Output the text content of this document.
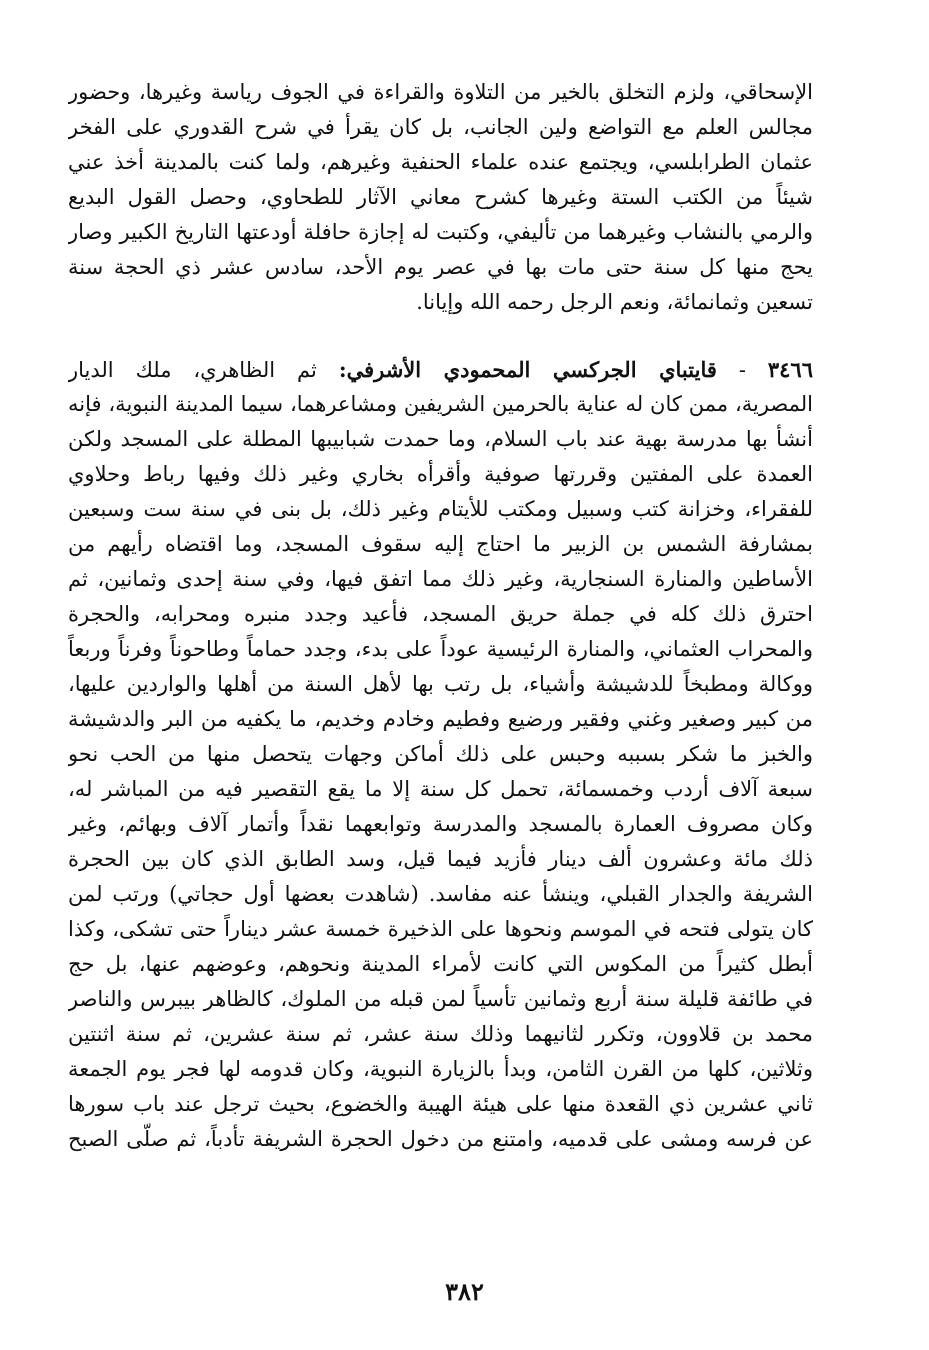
الإسحاقي، ولزم التخلق بالخير من التلاوة والقراءة في الجوف رياسة وغيرها، وحضور
مجالس العلم مع التواضع ولين الجانب، بل كان يقرأ في شرح القدوري على الفخر
عثمان الطرابلسي، ويجتمع عنده علماء الحنفية وغيرهم، ولما كنت بالمدينة أخذ عني
شيئاً من الكتب الستة وغيرها كشرح معاني الآثار للطحاوي، وحصل القول البديع
والرمي بالنشاب وغيرهما من تأليفي، وكتبت له إجازة حافلة أودعتها التاريخ الكبير وصار
يحج منها كل سنة حتى مات بها في عصر يوم الأحد، سادس عشر ذي الحجة سنة
تسعين وثمانمائة، ونعم الرجل رحمه الله وإيانا.
٣٤٦٦ - قايتباي الجركسي المحمودي الأشرفي: ثم الظاهري، ملك الديار
المصرية، ممن كان له عناية بالحرمين الشريفين ومشاعرهما، سيما المدينة النبوية، فإنه
أنشأ بها مدرسة بهية عند باب السلام، وما حمدت شبابيبها المطلة على المسجد ولكن
العمدة على المفتين وقررتها صوفية وأقرأه بخاري وغير ذلك وفيها رباط وحلاوي
للفقراء، وخزانة كتب وسبيل ومكتب للأيتام وغير ذلك، بل بنى في سنة ست وسبعين
بمشارفة الشمس بن الزبير ما احتاج إليه سقوف المسجد، وما اقتضاه رأيهم من
الأساطين والمنارة السنجارية، وغير ذلك مما اتفق فيها، وفي سنة إحدى وثمانين، ثم
احترق ذلك كله في جملة حريق المسجد، فأعيد وجدد منبره ومحرابه، والحجرة
والمحراب العثماني، والمنارة الرئيسية عوداً على بدء، وجدد حماماً وطاحوناً وفرناً وربعاً
ووكالة ومطبخاً للدشيشة وأشياء، بل رتب بها لأهل السنة من أهلها والواردين عليها،
من كبير وصغير وغني وفقير ورضيع وفطيم وخادم وخديم، ما يكفيه من البر والدشيشة
والخبز ما شكر بسببه وحبس على ذلك أماكن وجهات يتحصل منها من الحب نحو
سبعة آلاف أردب وخمسمائة، تحمل كل سنة إلا ما يقع التقصير فيه من المباشر له،
وكان مصروف العمارة بالمسجد والمدرسة وتوابعهما نقداً وأتمار آلاف وبهائم، وغير
ذلك مائة وعشرون ألف دينار فأزيد فيما قيل، وسد الطابق الذي كان بين الحجرة
الشريفة والجدار القبلي، وينشأ عنه مفاسد. (شاهدت بعضها أول حجاتي) ورتب لمن
كان يتولى فتحه في الموسم ونحوها على الذخيرة خمسة عشر ديناراً حتى تشكى، وكذا
أبطل كثيراً من المكوس التي كانت لأمراء المدينة ونحوهم، وعوضهم عنها، بل حج
في طائفة قليلة سنة أربع وثمانين تأسياً لمن قبله من الملوك، كالظاهر بيبرس والناصر
محمد بن قلاوون، وتكرر لثانيهما وذلك سنة عشر، ثم سنة عشرين، ثم سنة اثنتين
وثلاثين، كلها من القرن الثامن، وبدأ بالزيارة النبوية، وكان قدومه لها فجر يوم الجمعة
ثاني عشرين ذي القعدة منها على هيئة الهيبة والخضوع، بحيث ترجل عند باب سورها
عن فرسه ومشى على قدميه، وامتنع من دخول الحجرة الشريفة تأدباً، ثم صلّى الصبح
٣٨٢
